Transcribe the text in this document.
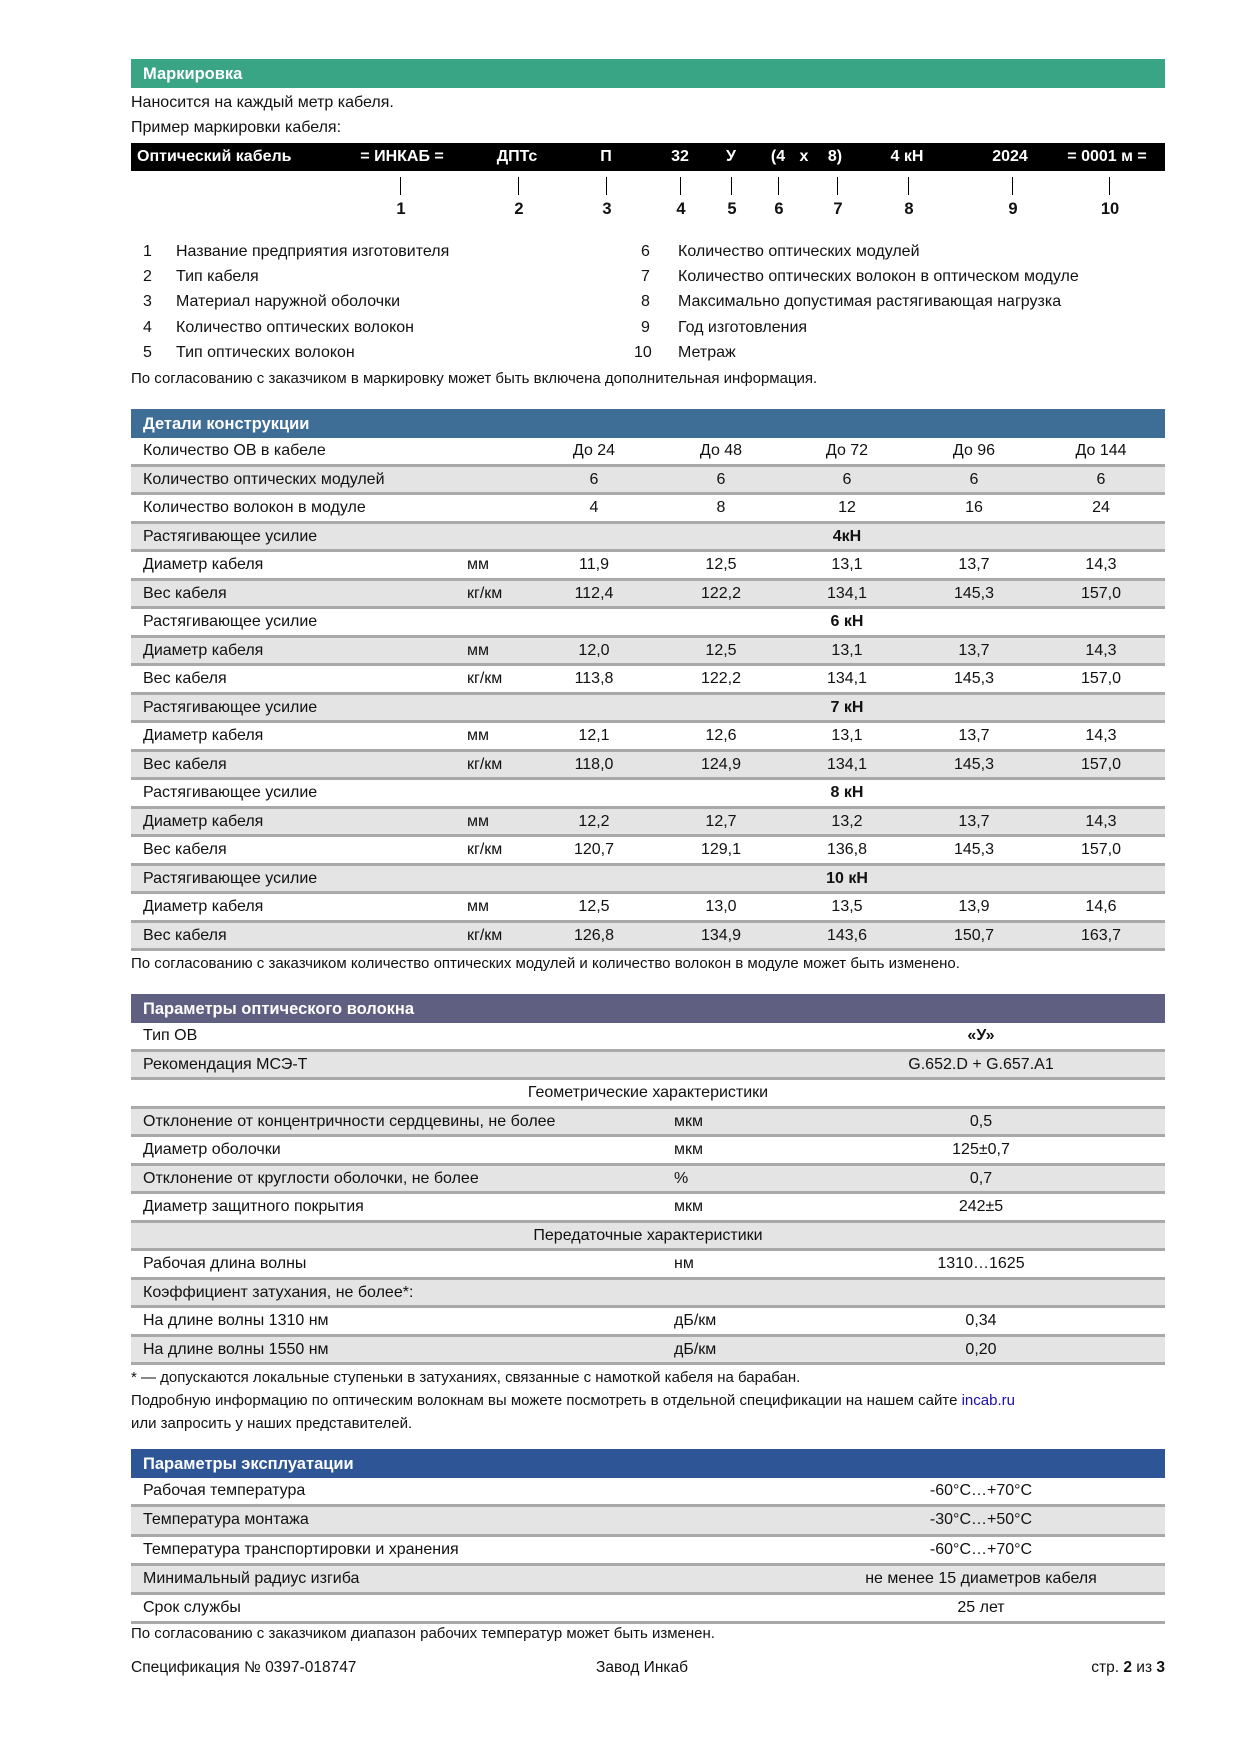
Маркировка
Наносится на каждый метр кабеля.
Пример маркировки кабеля:
Оптический кабель	= ИНКАБ =	ДПТс	П	32 У (4 x 8)	4 кН	2024 = 0001 м =
1	2	3	4	5 6	7	8	9	10
1 Название предприятия изготовителя
2 Тип кабеля
3 Материал наружной оболочки
4 Количество оптических волокон
5 Тип оптических волокон
6 Количество оптических модулей
7 Количество оптических волокон в оптическом модуле
8 Максимально допустимая растягивающая нагрузка
9 Год изготовления
10 Метраж
По согласованию с заказчиком в маркировку может быть включена дополнительная информация.
Детали конструкции
Количество ОВ в кабеле	До 24	До 48	До 72	До 96	До 144
Количество оптических модулей	6	6	6	6	6
Количество волокон в модуле	4	8	12	16	24
Растягивающее усилие	4кН
Диаметр кабеля	мм	11,9	12,5	13,1	13,7	14,3
Вес кабеля	кг/км	112,4	122,2	134,1	145,3	157,0
Растягивающее усилие	6 кН
Диаметр кабеля	мм	12,0	12,5	13,1	13,7	14,3
Вес кабеля	кг/км	113,8	122,2	134,1	145,3	157,0
Растягивающее усилие	7 кН
Диаметр кабеля	мм	12,1	12,6	13,1	13,7	14,3
Вес кабеля	кг/км	118,0	124,9	134,1	145,3	157,0
Растягивающее усилие	8 кН
Диаметр кабеля	мм	12,2	12,7	13,2	13,7	14,3
Вес кабеля	кг/км	120,7	129,1	136,8	145,3	157,0
Растягивающее усилие	10 кН
Диаметр кабеля	мм	12,5	13,0	13,5	13,9	14,6
Вес кабеля	кг/км	126,8	134,9	143,6	150,7	163,7
По согласованию с заказчиком количество оптических модулей и количество волокон в модуле может быть изменено.
Параметры оптического волокна
Тип ОВ	«У»
Рекомендация МСЭ-Т	G.652.D + G.657.A1
Геометрические характеристики
Отклонение от концентричности сердцевины, не более	мкм	0,5
Диаметр оболочки	мкм	125±0,7
Отклонение от круглости оболочки, не более	%	0,7
Диаметр защитного покрытия	мкм	242±5
Передаточные характеристики
Рабочая длина волны	нм	1310…1625
Коэффициент затухания, не более*:
На длине волны 1310 нм	дБ/км	0,34
На длине волны 1550 нм	дБ/км	0,20
* — допускаются локальные ступеньки в затуханиях, связанные с намоткой кабеля на барабан.
Подробную информацию по оптическим волокнам вы можете посмотреть в отдельной спецификации на нашем сайте incab.ru
или запросить у наших представителей.
Параметры эксплуатации
Рабочая температура	-60°C…+70°C
Температура монтажа	-30°C…+50°C
Температура транспортировки и хранения	-60°C…+70°C
Минимальный радиус изгиба	не менее 15 диаметров кабеля
Срок службы	25 лет
По согласованию с заказчиком диапазон рабочих температур может быть изменен.
Спецификация № 0397-018747	Завод Инкаб	стр. 2 из 3
